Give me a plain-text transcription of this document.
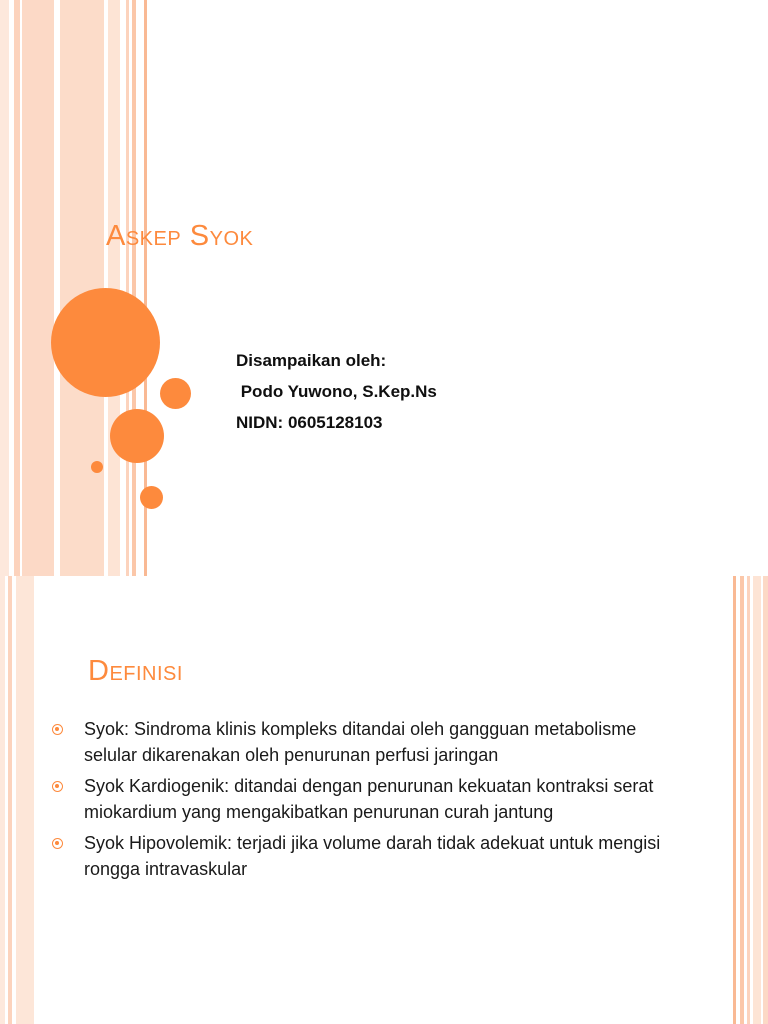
Askep Syok
Disampaikan oleh:
Podo Yuwono, S.Kep.Ns
NIDN: 0605128103
Definisi
Syok: Sindroma klinis kompleks ditandai oleh gangguan metabolisme selular dikarenakan oleh penurunan perfusi jaringan
Syok Kardiogenik: ditandai dengan penurunan kekuatan kontraksi serat miokardium yang mengakibatkan penurunan curah jantung
Syok Hipovolemik: terjadi jika volume darah tidak adekuat untuk mengisi rongga intravaskular
